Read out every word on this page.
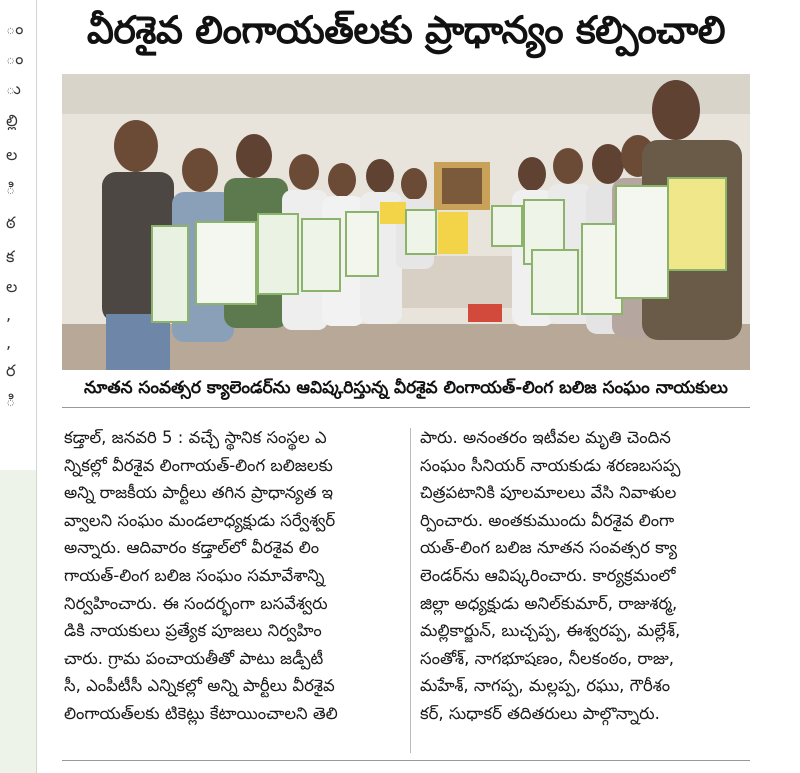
ం
ం
ు
ల్లి
ల
ి
ఠ
క
ల
,
,
ర
ి
వీరశైవ లింగాయత్‌లకు ప్రాధాన్యం కల్పించాలి
నూతన సంవత్సర క్యాలెండర్‌ను ఆవిష్కరిస్తున్న వీరశైవ లింగాయత్‌-లింగ బలిజ సంఘం నాయకులు
కడ్తాల్‌, జనవరి 5 : వచ్చే స్థానిక సంస్థల ఎ
న్నికల్లో వీరశైవ లింగాయత్‌-లింగ బలిజలకు
అన్ని రాజకీయ పార్టీలు తగిన ప్రాధాన్యత ఇ
వ్వాలని సంఘం మండలాధ్యక్షుడు సర్వేశ్వర్‌
అన్నారు. ఆదివారం కడ్తాల్‌లో వీరశైవ లిం
గాయత్‌-లింగ బలిజ సంఘం సమావేశాన్ని
నిర్వహించారు. ఈ సందర్భంగా బసవేశ్వరు
డికి నాయకులు ప్రత్యేక పూజలు నిర్వహిం
చారు. గ్రామ పంచాయతీతో పాటు జడ్పీటీ
సీ, ఎంపీటీసీ ఎన్నికల్లో అన్ని పార్టీలు వీరశైవ
లింగాయత్‌లకు టికెట్లు కేటాయించాలని తెలి
పారు. అనంతరం ఇటీవల మృతి చెందిన
సంఘం సీనియర్‌ నాయకుడు శరణబసప్ప
చిత్రపటానికి పూలమాలలు వేసి నివాళుల
ర్పించారు. అంతకుముందు వీరశైవ లింగా
యత్‌-లింగ బలిజ నూతన సంవత్సర క్యా
లెండర్‌ను ఆవిష్కరించారు. కార్యక్రమంలో
జిల్లా అధ్యక్షుడు అనిల్‌కుమార్‌, రాజుశర్మ,
మల్లికార్జున్‌, బుచ్చప్ప, ఈశ్వరప్ప, మల్లేశ్‌,
సంతోశ్‌, నాగభూషణం, నీలకంఠం, రాజు,
మహేశ్‌, నాగప్ప, మల్లప్ప, రఘు, గౌరీశం
కర్‌, సుధాకర్‌ తదితరులు పాల్గొన్నారు.
